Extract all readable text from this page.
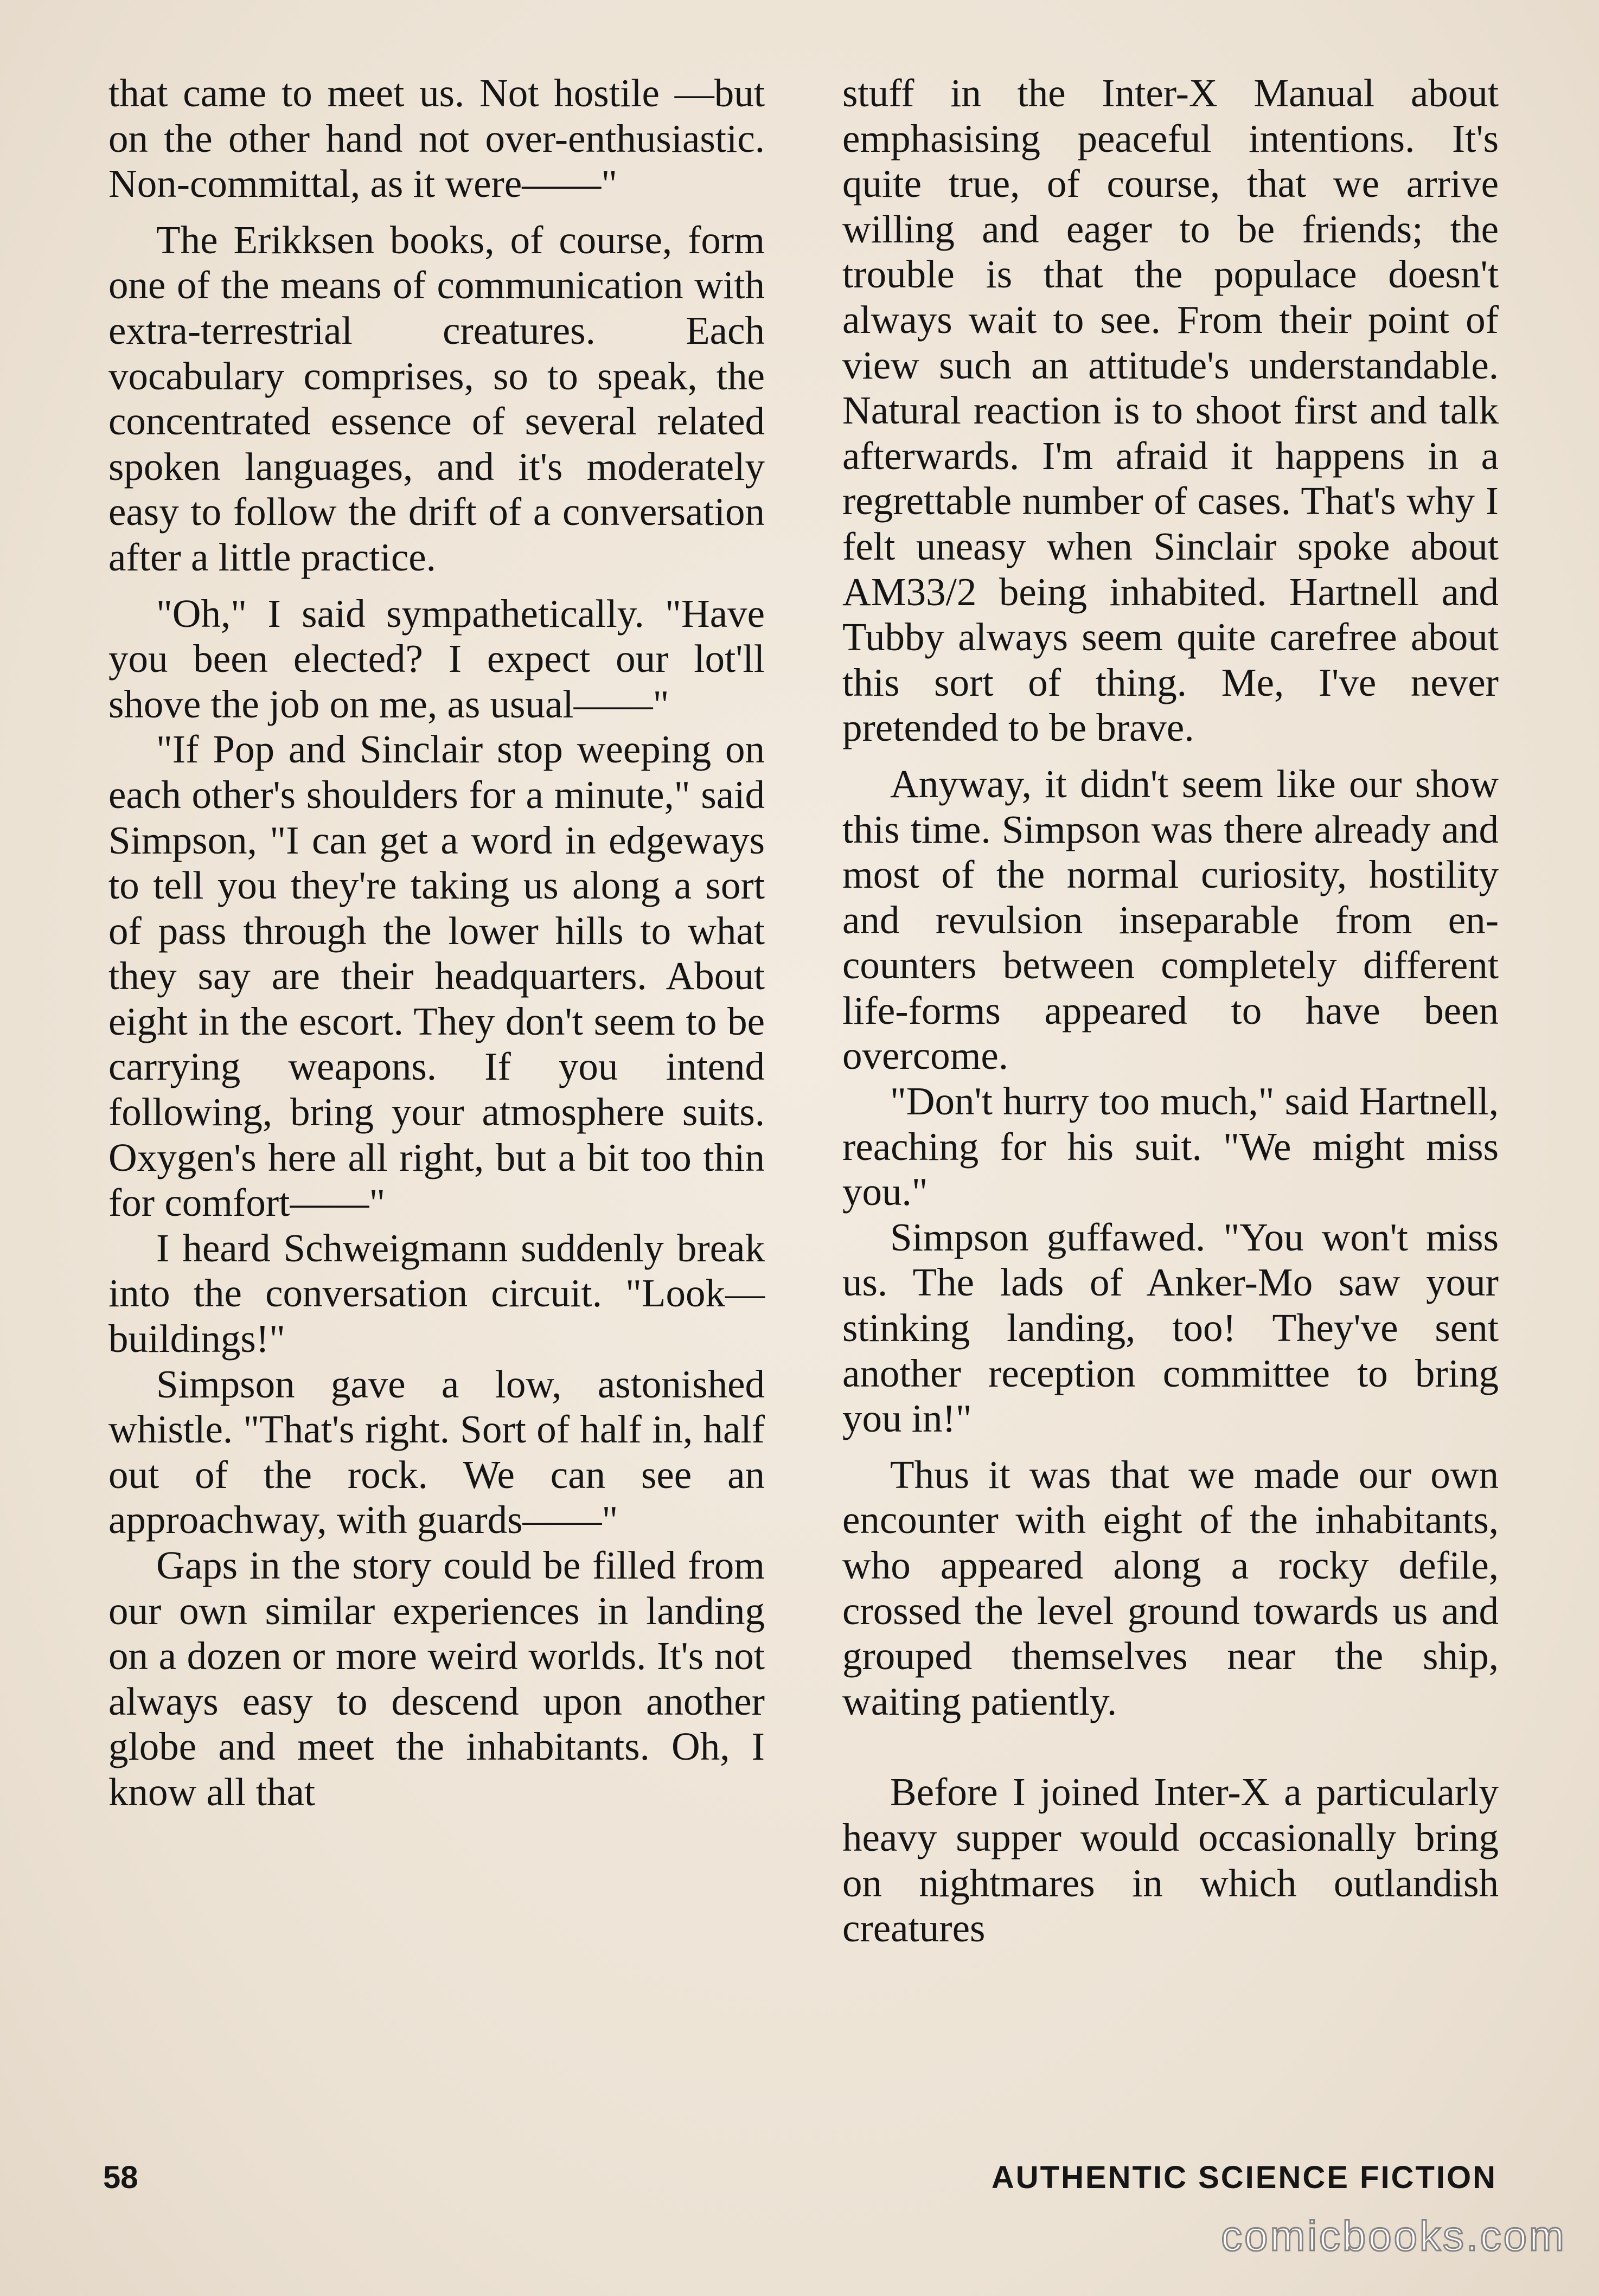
that came to meet us. Not hostile —but on the other hand not over-enthusiastic. Non-committal, as it were——"

The Erikksen books, of course, form one of the means of communication with extra-terrestrial creatures. Each vocabulary comprises, so to speak, the concentrated essence of several related spoken languages, and it's moderately easy to follow the drift of a conversation after a little practice.

"Oh," I said sympathetically. "Have you been elected? I expect our lot'll shove the job on me, as usual——"

"If Pop and Sinclair stop weeping on each other's shoulders for a minute," said Simpson, "I can get a word in edgeways to tell you they're taking us along a sort of pass through the lower hills to what they say are their headquarters. About eight in the escort. They don't seem to be carrying weapons. If you intend following, bring your atmosphere suits. Oxygen's here all right, but a bit too thin for comfort——"

I heard Schweigmann suddenly break into the conversation circuit. "Look—buildings!"

Simpson gave a low, astonished whistle. "That's right. Sort of half in, half out of the rock. We can see an approachway, with guards——"

Gaps in the story could be filled from our own similar experiences in landing on a dozen or more weird worlds. It's not always easy to descend upon another globe and meet the inhabitants. Oh, I know all that

stuff in the Inter-X Manual about emphasising peaceful intentions. It's quite true, of course, that we arrive willing and eager to be friends; the trouble is that the populace doesn't always wait to see. From their point of view such an attitude's understandable. Natural reaction is to shoot first and talk afterwards. I'm afraid it happens in a regrettable number of cases. That's why I felt uneasy when Sinclair spoke about AM33/2 being inhabited. Hartnell and Tubby always seem quite carefree about this sort of thing. Me, I've never pretended to be brave.

Anyway, it didn't seem like our show this time. Simpson was there already and most of the normal curiosity, hostility and revulsion inseparable from encounters between completely different life-forms appeared to have been overcome.

"Don't hurry too much," said Hartnell, reaching for his suit. "We might miss you."

Simpson guffawed. "You won't miss us. The lads of Anker-Mo saw your stinking landing, too! They've sent another reception committee to bring you in!"

Thus it was that we made our own encounter with eight of the inhabitants, who appeared along a rocky defile, crossed the level ground towards us and grouped themselves near the ship, waiting patiently.

Before I joined Inter-X a particularly heavy supper would occasionally bring on nightmares in which outlandish creatures

58	AUTHENTIC SCIENCE FICTION
comicbooks.com
